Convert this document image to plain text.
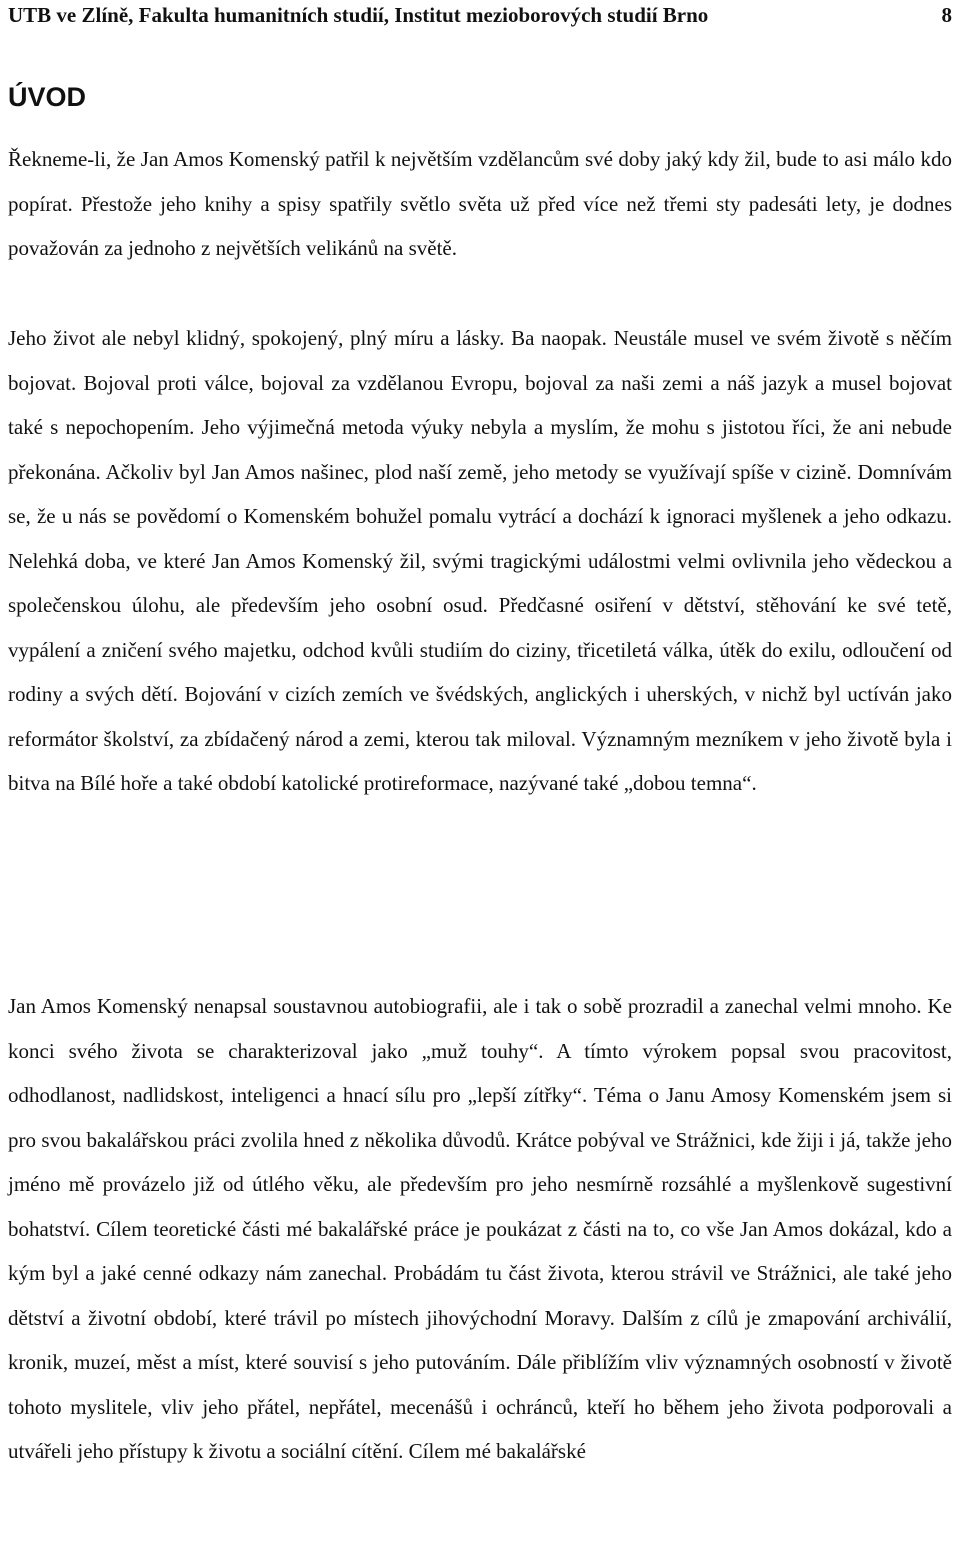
UTB ve Zlíně, Fakulta humanitních studií, Institut mezioborových studií Brno	8
ÚVOD

Řekneme-li, že Jan Amos Komenský patřil k největším vzdělancům své doby jaký kdy žil, bude to asi málo kdo popírat. Přestože jeho knihy a spisy spatřily světlo světa už před více než třemi sty padesáti lety, je dodnes považován za jednoho z největších velikánů na světě.

Jeho život ale nebyl klidný, spokojený, plný míru a lásky. Ba naopak. Neustále musel ve svém životě s něčím bojovat. Bojoval proti válce, bojoval za vzdělanou Evropu, bojoval za naši zemi a náš jazyk a musel bojovat také s nepochopením. Jeho výjimečná metoda výuky nebyla a myslím, že mohu s jistotou říci, že ani nebude překonána. Ačkoliv byl Jan Amos našinec, plod naší země, jeho metody se využívají spíše v cizině. Domnívám se, že u nás se povědomí o Komenském bohužel pomalu vytrácí a dochází k ignoraci myšlenek a jeho odkazu. Nelehká doba, ve které Jan Amos Komenský žil, svými tragickými událostmi velmi ovlivnila jeho vědeckou a společenskou úlohu, ale především jeho osobní osud. Předčasné osiření v dětství, stěhování ke své tetě, vypálení a zničení svého majetku, odchod kvůli studiím do ciziny, třicetiletá válka, útěk do exilu, odloučení od rodiny a svých dětí. Bojování v cizích zemích ve švédských, anglických i uherských, v nichž byl uctíván jako reformátor školství, za zbídačený národ a zemi, kterou tak miloval. Významným mezníkem v jeho životě byla i bitva na Bílé hoře a také období katolické protireformace, nazývané také „dobou temna“.

Jan Amos Komenský nenapsal soustavnou autobiografii, ale i tak o sobě prozradil a zanechal velmi mnoho. Ke konci svého života se charakterizoval jako „muž touhy“. A tímto výrokem popsal svou pracovitost, odhodlanost, nadlidskost, inteligenci a hnací sílu pro „lepší zítřky“. Téma o Janu Amosy Komenském jsem si pro svou bakalářskou práci zvolila hned z několika důvodů. Krátce pobýval ve Strážnici, kde žiji i já, takže jeho jméno mě provázelo již od útlého věku, ale především pro jeho nesmírně rozsáhlé a myšlenkově sugestivní bohatství. Cílem teoretické části mé bakalářské práce je poukázat z části na to, co vše Jan Amos dokázal, kdo a kým byl a jaké cenné odkazy nám zanechal. Probádám tu část života, kterou strávil ve Strážnici, ale také jeho dětství a životní období, které trávil po místech jihovýchodní Moravy. Dalším z cílů je zmapování archiválií, kronik, muzeí, měst a míst, které souvisí s jeho putováním. Dále přiblížím vliv významných osobností v životě tohoto myslitele, vliv jeho přátel, nepřátel, mecenášů i ochránců, kteří ho během jeho života podporovali a utvářeli jeho přístupy k životu a sociální cítění. Cílem mé bakalářské
